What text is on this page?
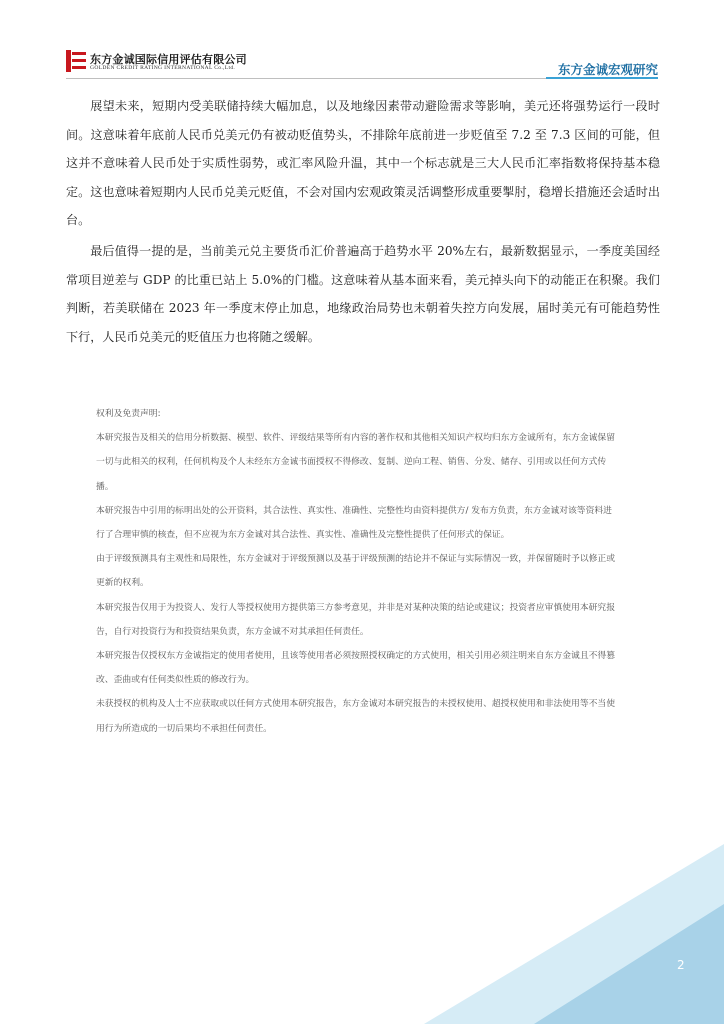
东方金诚国际信用评估有限公司
GOLDEN CREDIT RATING INTERNATIONAL Co.,Ltd.	东方金诚宏观研究

展望未来，短期内受美联储持续大幅加息，以及地缘因素带动避险需求等影响，美元还将强势运行一段时间。这意味着年底前人民币兑美元仍有被动贬值势头，不排除年底前进一步贬值至 7.2 至 7.3 区间的可能，但这并不意味着人民币处于实质性弱势，或汇率风险升温，其中一个标志就是三大人民币汇率指数将保持基本稳定。这也意味着短期内人民币兑美元贬值，不会对国内宏观政策灵活调整形成重要掣肘，稳增长措施还会适时出台。

最后值得一提的是，当前美元兑主要货币汇价普遍高于趋势水平 20%左右，最新数据显示，一季度美国经常项目逆差与 GDP 的比重已站上 5.0%的门槛。这意味着从基本面来看，美元掉头向下的动能正在积聚。我们判断，若美联储在 2023 年一季度末停止加息，地缘政治局势也未朝着失控方向发展，届时美元有可能趋势性下行，人民币兑美元的贬值压力也将随之缓解。

权利及免责声明:

本研究报告及相关的信用分析数据、模型、软件、评级结果等所有内容的著作权和其他相关知识产权均归东方金诚所有，东方金诚保留

一切与此相关的权利，任何机构及个人未经东方金诚书面授权不得修改、复制、逆向工程、销售、分发、储存、引用或以任何方式传

播。

本研究报告中引用的标明出处的公开资料，其合法性、真实性、准确性、完整性均由资料提供方/ 发布方负责，东方金诚对该等资料进

行了合理审慎的核查，但不应视为东方金诚对其合法性、真实性、准确性及完整性提供了任何形式的保证。

由于评级预测具有主观性和局限性，东方金诚对于评级预测以及基于评级预测的结论并不保证与实际情况一致，并保留随时予以修正或

更新的权利。

本研究报告仅用于为投资人、发行人等授权使用方提供第三方参考意见，并非是对某种决策的结论或建议；投资者应审慎使用本研究报

告，自行对投资行为和投资结果负责，东方金诚不对其承担任何责任。

本研究报告仅授权东方金诚指定的使用者使用，且该等使用者必须按照授权确定的方式使用，相关引用必须注明来自东方金诚且不得篡

改、歪曲或有任何类似性质的修改行为。

未获授权的机构及人士不应获取或以任何方式使用本研究报告，东方金诚对本研究报告的未授权使用、超授权使用和非法使用等不当使

用行为所造成的一切后果均不承担任何责任。

2
